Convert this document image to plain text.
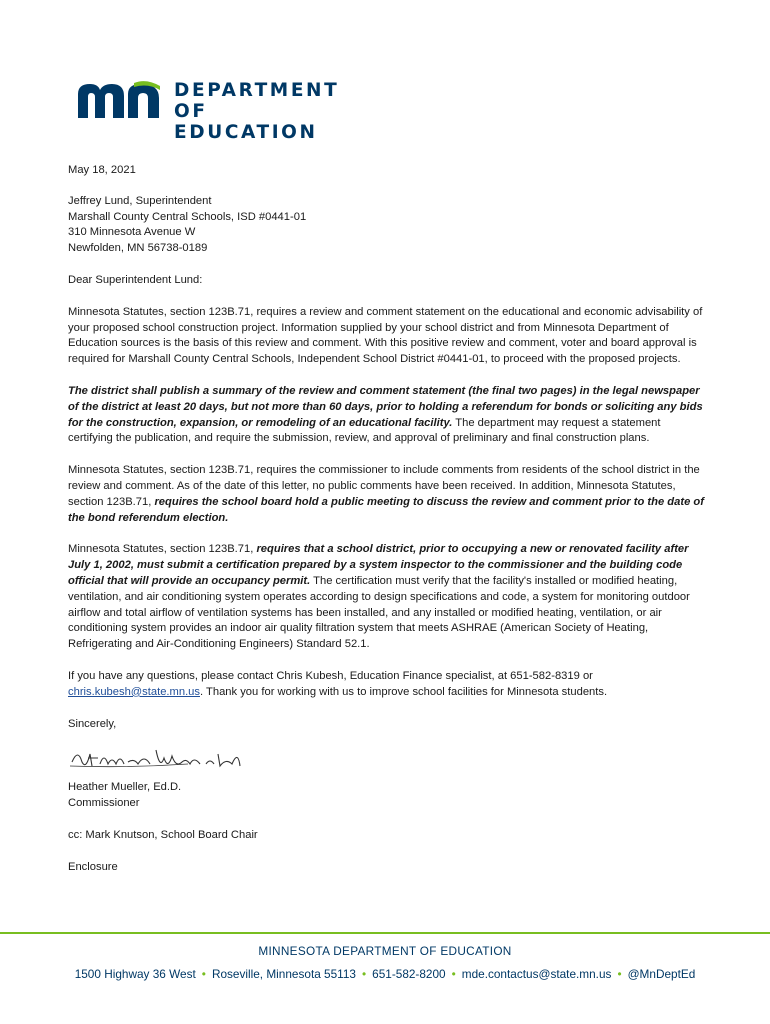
DEPARTMENT
OF EDUCATION

May 18, 2021

Jeffrey Lund, Superintendent
Marshall County Central Schools, ISD #0441-01
310 Minnesota Avenue W
Newfolden, MN 56738-0189

Dear Superintendent Lund:

Minnesota Statutes, section 123B.71, requires a review and comment statement on the educational and economic advisability of your proposed school construction project. Information supplied by your school district and from Minnesota Department of Education sources is the basis of this review and comment. With this positive review and comment, voter and board approval is required for Marshall County Central Schools, Independent School District #0441-01, to proceed with the proposed projects.

The district shall publish a summary of the review and comment statement (the final two pages) in the legal newspaper of the district at least 20 days, but not more than 60 days, prior to holding a referendum for bonds or soliciting any bids for the construction, expansion, or remodeling of an educational facility. The department may request a statement certifying the publication, and require the submission, review, and approval of preliminary and final construction plans.

Minnesota Statutes, section 123B.71, requires the commissioner to include comments from residents of the school district in the review and comment. As of the date of this letter, no public comments have been received. In addition, Minnesota Statutes, section 123B.71, requires the school board hold a public meeting to discuss the review and comment prior to the date of the bond referendum election.

Minnesota Statutes, section 123B.71, requires that a school district, prior to occupying a new or renovated facility after July 1, 2002, must submit a certification prepared by a system inspector to the commissioner and the building code official that will provide an occupancy permit. The certification must verify that the facility's installed or modified heating, ventilation, and air conditioning system operates according to design specifications and code, a system for monitoring outdoor airflow and total airflow of ventilation systems has been installed, and any installed or modified heating, ventilation, or air conditioning system provides an indoor air quality filtration system that meets ASHRAE (American Society of Heating, Refrigerating and Air-Conditioning Engineers) Standard 52.1.

If you have any questions, please contact Chris Kubesh, Education Finance specialist, at 651-582-8319 or chris.kubesh@state.mn.us. Thank you for working with us to improve school facilities for Minnesota students.

Sincerely,

Heather Mueller, Ed.D.
Commissioner

cc: Mark Knutson, School Board Chair

Enclosure

MINNESOTA DEPARTMENT OF EDUCATION
1500 Highway 36 West • Roseville, Minnesota 55113 • 651-582-8200 • mde.contactus@state.mn.us • @MnDeptEd
